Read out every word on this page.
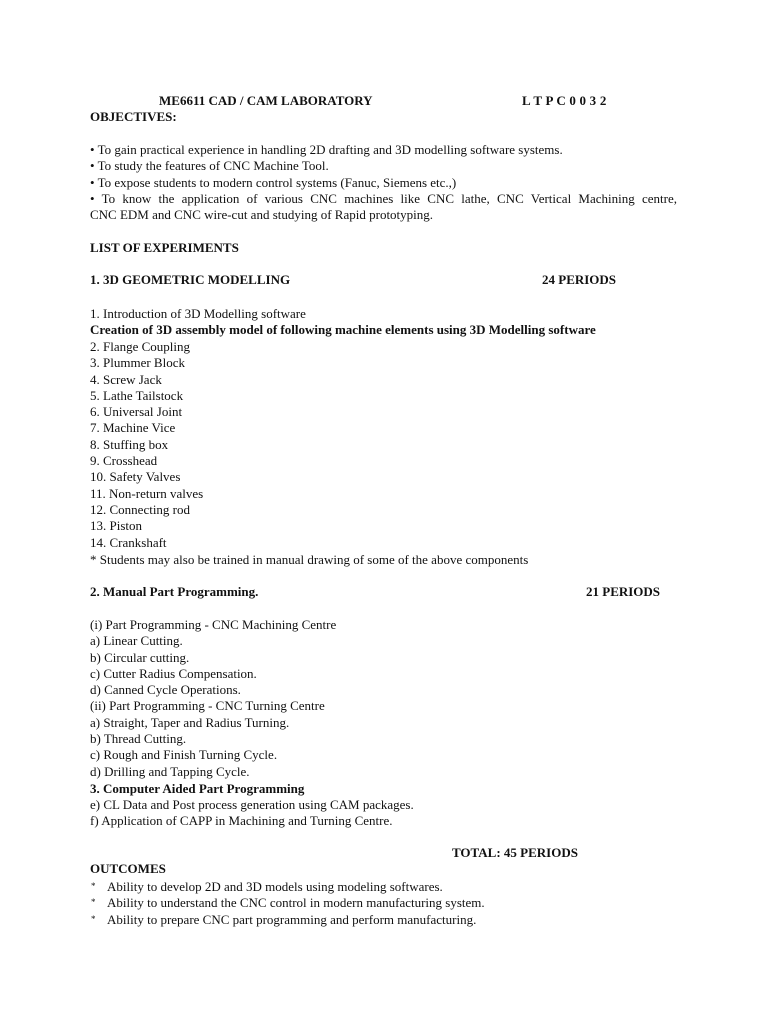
ME6611 CAD / CAM LABORATORY	L T P C 0 0 3 2
OBJECTIVES:
• To gain practical experience in handling 2D drafting and 3D modelling software systems.
• To study the features of CNC Machine Tool.
• To expose students to modern control systems (Fanuc, Siemens etc.,)
• To know the application of various CNC machines like CNC lathe, CNC Vertical Machining centre,
CNC EDM and CNC wire-cut and studying of Rapid prototyping.
LIST OF EXPERIMENTS
1. 3D GEOMETRIC MODELLING	24 PERIODS
1. Introduction of 3D Modelling software
Creation of 3D assembly model of following machine elements using 3D Modelling software
2. Flange Coupling
3. Plummer Block
4. Screw Jack
5. Lathe Tailstock
6. Universal Joint
7. Machine Vice
8. Stuffing box
9. Crosshead
10. Safety Valves
11. Non-return valves
12. Connecting rod
13. Piston
14. Crankshaft
* Students may also be trained in manual drawing of some of the above components
2. Manual Part Programming.	21 PERIODS
(i) Part Programming - CNC Machining Centre
a) Linear Cutting.
b) Circular cutting.
c) Cutter Radius Compensation.
d) Canned Cycle Operations.
(ii) Part Programming - CNC Turning Centre
a) Straight, Taper and Radius Turning.
b) Thread Cutting.
c) Rough and Finish Turning Cycle.
d) Drilling and Tapping Cycle.
3. Computer Aided Part Programming
e) CL Data and Post process generation using CAM packages.
f) Application of CAPP in Machining and Turning Centre.
TOTAL: 45 PERIODS
OUTCOMES
* Ability to develop 2D and 3D models using modeling softwares.
* Ability to understand the CNC control in modern manufacturing system.
* Ability to prepare CNC part programming and perform manufacturing.
